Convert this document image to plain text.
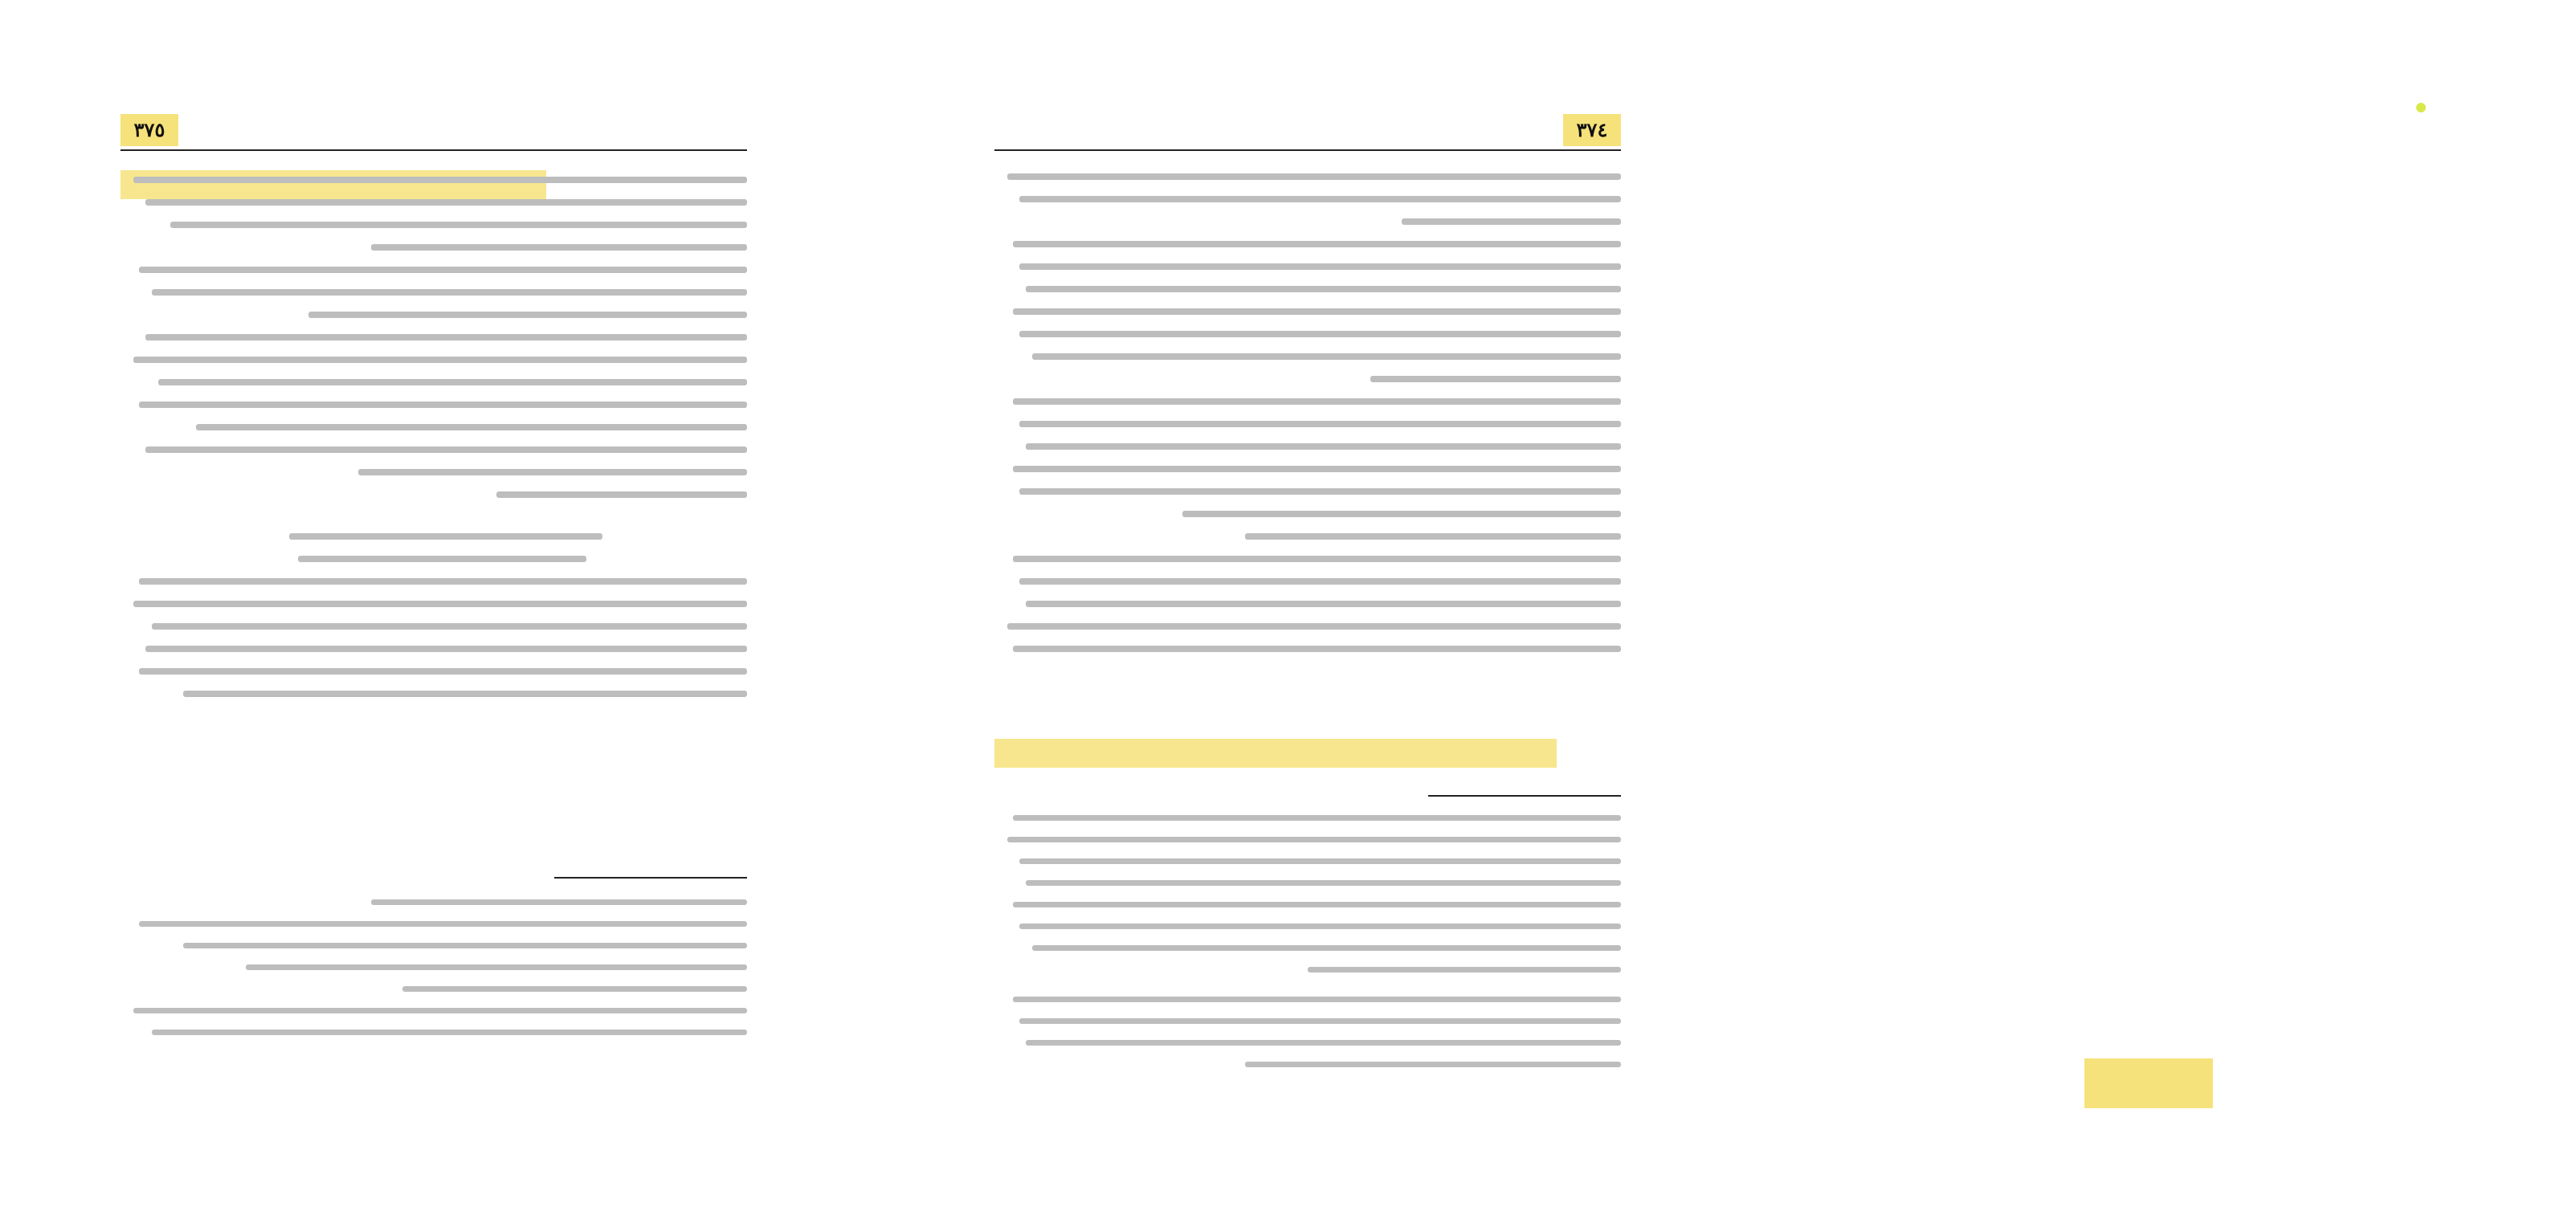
٣٧٥	٣٧٤
